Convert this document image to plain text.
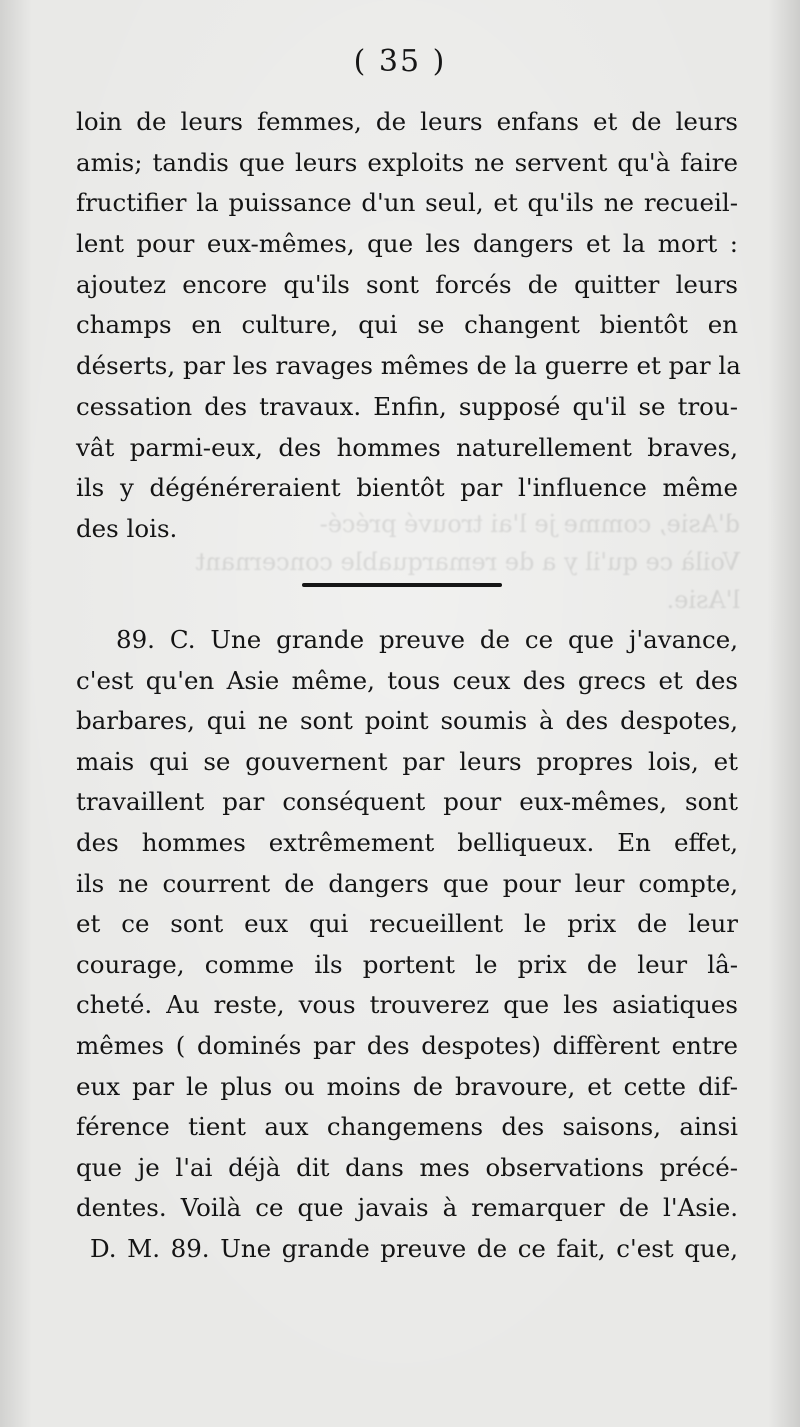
d'Asie, comme je l'ai trouvé précé-
Voilà ce qu'il y a de remarquable concernant
l'Asie.
( 35 )
loin de leurs femmes, de leurs enfans et de leurs
amis; tandis que leurs exploits ne servent qu'à faire
fructifier la puissance d'un seul, et qu'ils ne recueil-
lent pour eux-mêmes, que les dangers et la mort :
ajoutez encore qu'ils sont forcés de quitter leurs
champs en culture, qui se changent bientôt en
déserts, par les ravages mêmes de la guerre et par la
cessation des travaux. Enfin, supposé qu'il se trou-
vât parmi-eux, des hommes naturellement braves,
ils y dégénéreraient bientôt par l'influence même
des lois.
89. C. Une grande preuve de ce que j'avance,
c'est qu'en Asie même, tous ceux des grecs et des
barbares, qui ne sont point soumis à des despotes,
mais qui se gouvernent par leurs propres lois, et
travaillent par conséquent pour eux-mêmes, sont
des hommes extrêmement belliqueux. En effet,
ils ne courrent de dangers que pour leur compte,
et ce sont eux qui recueillent le prix de leur
courage, comme ils portent le prix de leur lâ-
cheté. Au reste, vous trouverez que les asiatiques
mêmes ( dominés par des despotes) diffèrent entre
eux par le plus ou moins de bravoure, et cette dif-
férence tient aux changemens des saisons, ainsi
que je l'ai déjà dit dans mes observations précé-
dentes. Voilà ce que javais à remarquer de l'Asie.
D. M. 89. Une grande preuve de ce fait, c'est que,
